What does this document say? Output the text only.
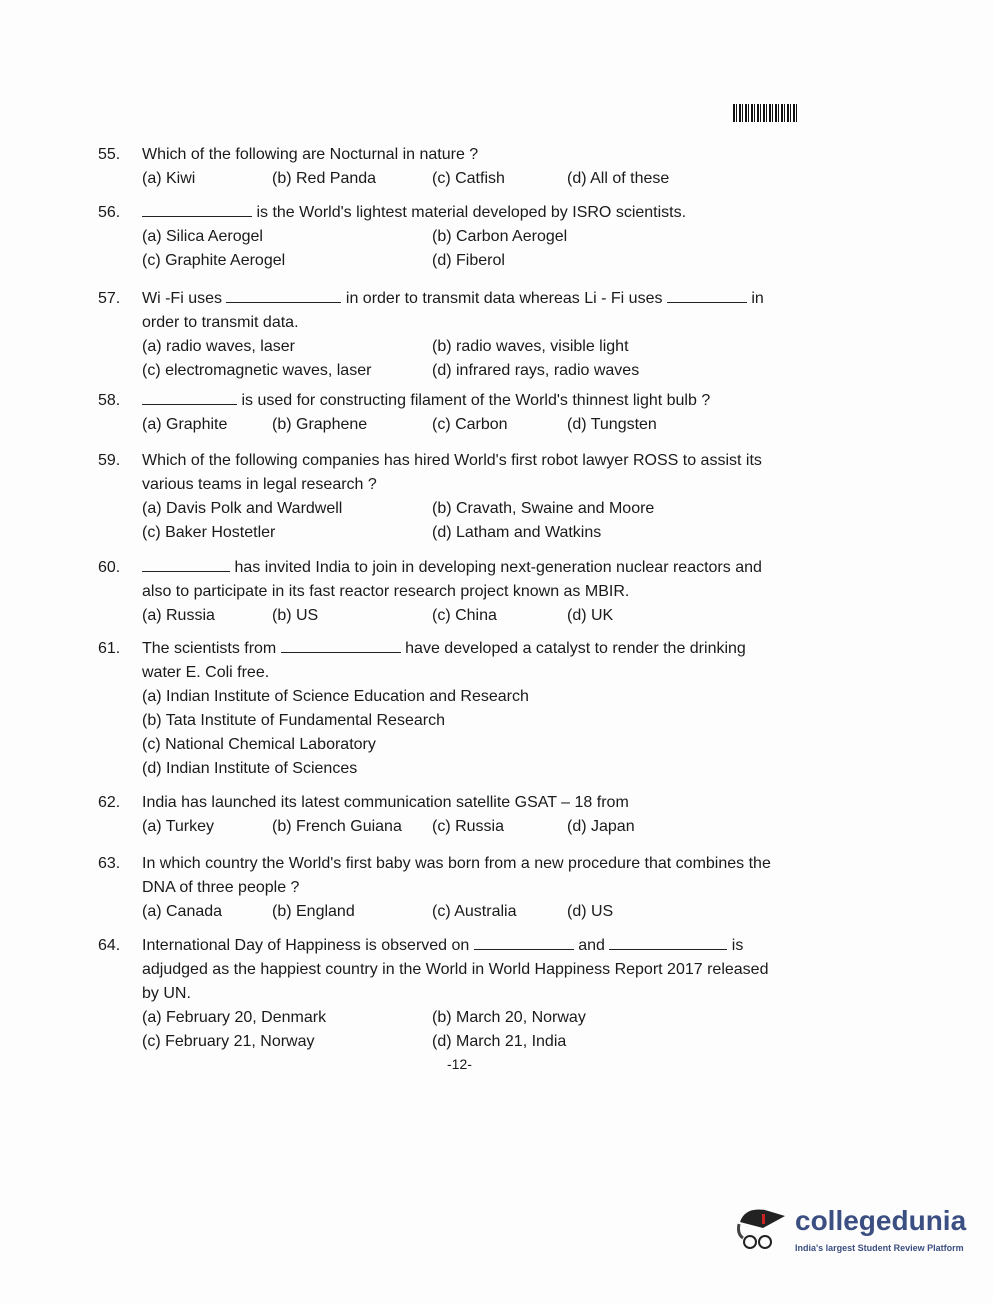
55.	Which of the following are Nocturnal in nature ?
(a) Kiwi	(b) Red Panda	(c) Catfish	(d) All of these
56.	is the World's lightest material developed by ISRO scientists.
(a) Silica Aerogel	(b) Carbon Aerogel
(c) Graphite Aerogel	(d) Fiberol
57.	Wi -Fi uses	in order to transmit data whereas Li - Fi uses	in order to transmit data.
(a) radio waves, laser	(b) radio waves, visible light
(c) electromagnetic waves, laser	(d) infrared rays, radio waves
58.	is used for constructing filament of the World's thinnest light bulb ?
(a) Graphite	(b) Graphene	(c) Carbon	(d) Tungsten
59.	Which of the following companies has hired World's first robot lawyer ROSS to assist its various teams in legal research ?
(a) Davis Polk and Wardwell	(b) Cravath, Swaine and Moore
(c) Baker Hostetler	(d) Latham and Watkins
60.	has invited India to join in developing next-generation nuclear reactors and also to participate in its fast reactor research project known as MBIR.
(a) Russia	(b) US	(c) China	(d) UK
61.	The scientists from	have developed a catalyst to render the drinking water E. Coli free.
(a) Indian Institute of Science Education and Research
(b) Tata Institute of Fundamental Research
(c) National Chemical Laboratory
(d) Indian Institute of Sciences
62.	India has launched its latest communication satellite GSAT – 18 from
(a) Turkey	(b) French Guiana	(c) Russia	(d) Japan
63.	In which country the World's first baby was born from a new procedure that combines the DNA of three people ?
(a) Canada	(b) England	(c) Australia	(d) US
64.	International Day of Happiness is observed on	and	is adjudged as the happiest country in the World in World Happiness Report 2017 released by UN.
(a) February 20, Denmark	(b) March 20, Norway
(c) February 21, Norway	(d) March 21, India
-12-
collegedunia
India's largest Student Review Platform
